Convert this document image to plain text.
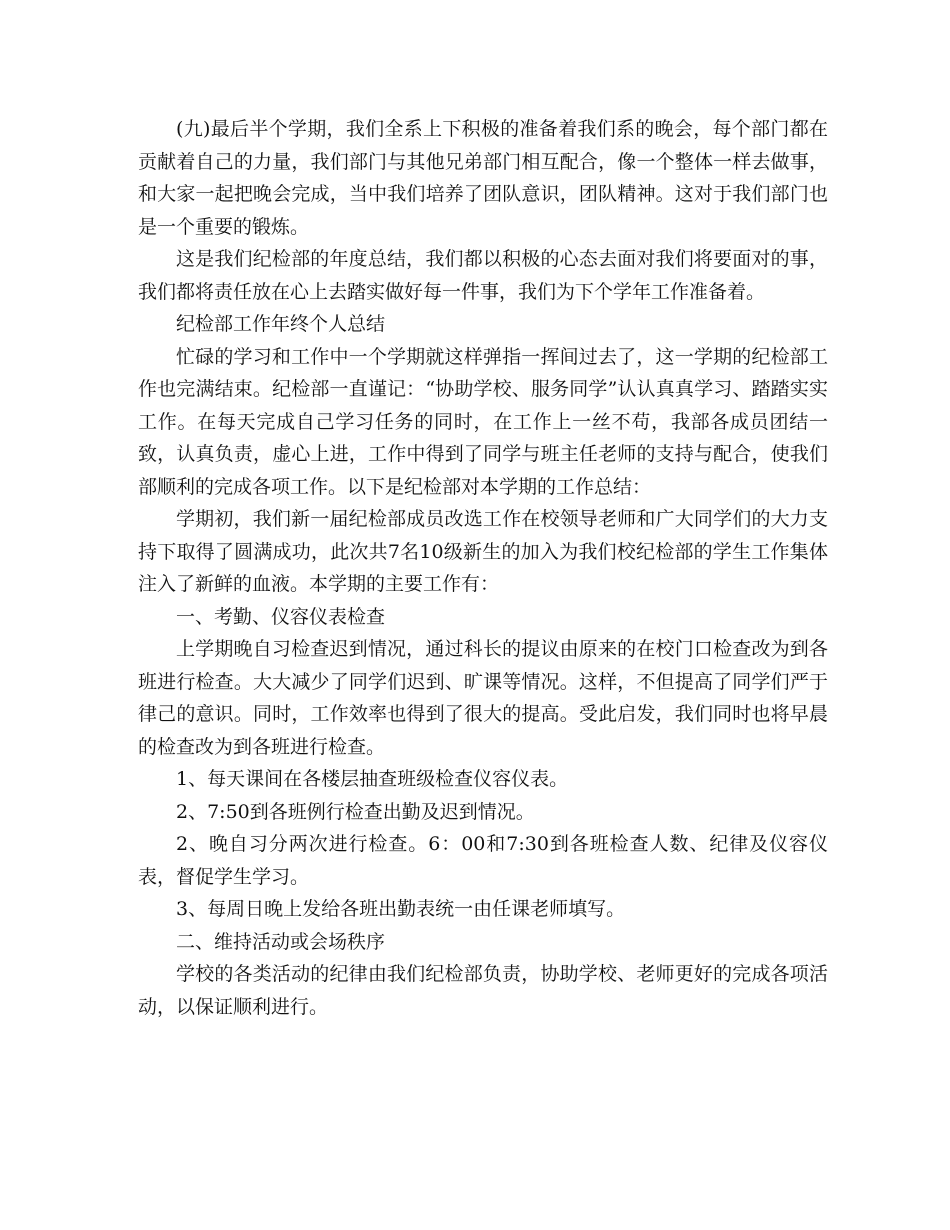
(九)最后半个学期，我们全系上下积极的准备着我们系的晚会，每个部门都在贡献着自己的力量，我们部门与其他兄弟部门相互配合，像一个整体一样去做事，和大家一起把晚会完成，当中我们培养了团队意识，团队精神。这对于我们部门也是一个重要的锻炼。

这是我们纪检部的年度总结，我们都以积极的心态去面对我们将要面对的事，我们都将责任放在心上去踏实做好每一件事，我们为下个学年工作准备着。

纪检部工作年终个人总结

忙碌的学习和工作中一个学期就这样弹指一挥间过去了，这一学期的纪检部工作也完满结束。纪检部一直谨记：“协助学校、服务同学”认认真真学习、踏踏实实工作。在每天完成自己学习任务的同时，在工作上一丝不苟，我部各成员团结一致，认真负责，虚心上进，工作中得到了同学与班主任老师的支持与配合，使我们部顺利的完成各项工作。以下是纪检部对本学期的工作总结：

学期初，我们新一届纪检部成员改选工作在校领导老师和广大同学们的大力支持下取得了圆满成功，此次共7名10级新生的加入为我们校纪检部的学生工作集体注入了新鲜的血液。本学期的主要工作有：

一、考勤、仪容仪表检查

上学期晚自习检查迟到情况，通过科长的提议由原来的在校门口检查改为到各班进行检查。大大减少了同学们迟到、旷课等情况。这样，不但提高了同学们严于律己的意识。同时，工作效率也得到了很大的提高。受此启发，我们同时也将早晨的检查改为到各班进行检查。

1、每天课间在各楼层抽查班级检查仪容仪表。

2、7:50到各班例行检查出勤及迟到情况。

2、晚自习分两次进行检查。6：00和7:30到各班检查人数、纪律及仪容仪表，督促学生学习。

3、每周日晚上发给各班出勤表统一由任课老师填写。

二、维持活动或会场秩序

学校的各类活动的纪律由我们纪检部负责，协助学校、老师更好的完成各项活动，以保证顺利进行。
